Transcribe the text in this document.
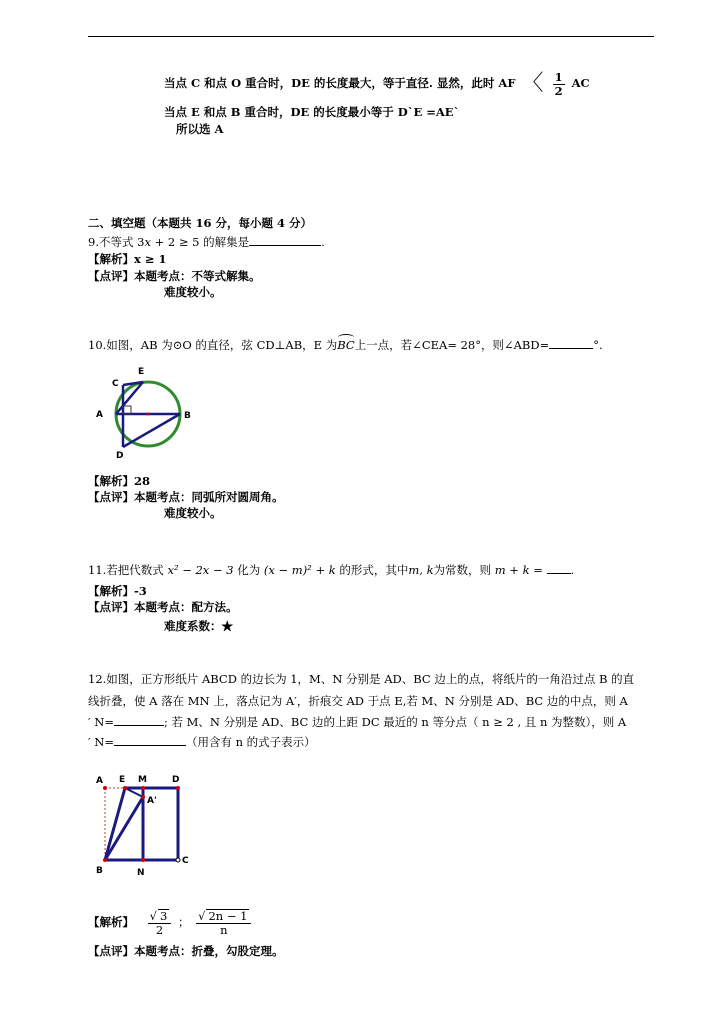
当点 C 和点 O 重合时，DE 的长度最大，等于直径. 显然，此时 AF 〈 $\frac{1}{2}$ AC
当点 E 和点 B 重合时，DE 的长度最小等于 D`E =AE`
所以选 A
二、填空题（本题共 16 分，每小题 4 分）
9.不等式 3x + 2 ≥ 5 的解集是	.
【解析】x ≥ 1
【点评】本题考点：不等式解集。
难度较小。
10.如图，AB 为⊙O 的直径，弦 CD⊥AB，E 为BC上一点，若∠CEA= 28°，则∠ABD=	°.
C
E
A	B
D
【解析】28
【点评】本题考点：同弧所对圆周角。
难度较小。
11.若把代数式 x² − 2x − 3 化为 (x − m)² + k 的形式，其中m, k为常数，则 m + k = .
【解析】-3
【点评】本题考点：配方法。
难度系数：★
12.如图，正方形纸片 ABCD 的边长为 1，M、N 分别是 AD、BC 边上的点，将纸片的一角沿过点 B 的直
线折叠，使 A 落在 MN 上，落点记为 A′，折痕交 AD 于点 E,若 M、N 分别是 AD、BC 边的中点，则 A
′ N=	; 若 M、N 分别是 AD、BC 边的上距 DC 最近的 n 等分点（ n ≥ 2 , 且 n 为整数），则 A
′ N=	（用含有 n 的式子表示）
A E M	D
A'
B	N
C
【解析】 $\frac{√ 3}{2}$ ； $\frac{√ 2n - 1}{n}$
【点评】本题考点：折叠，勾股定理。
